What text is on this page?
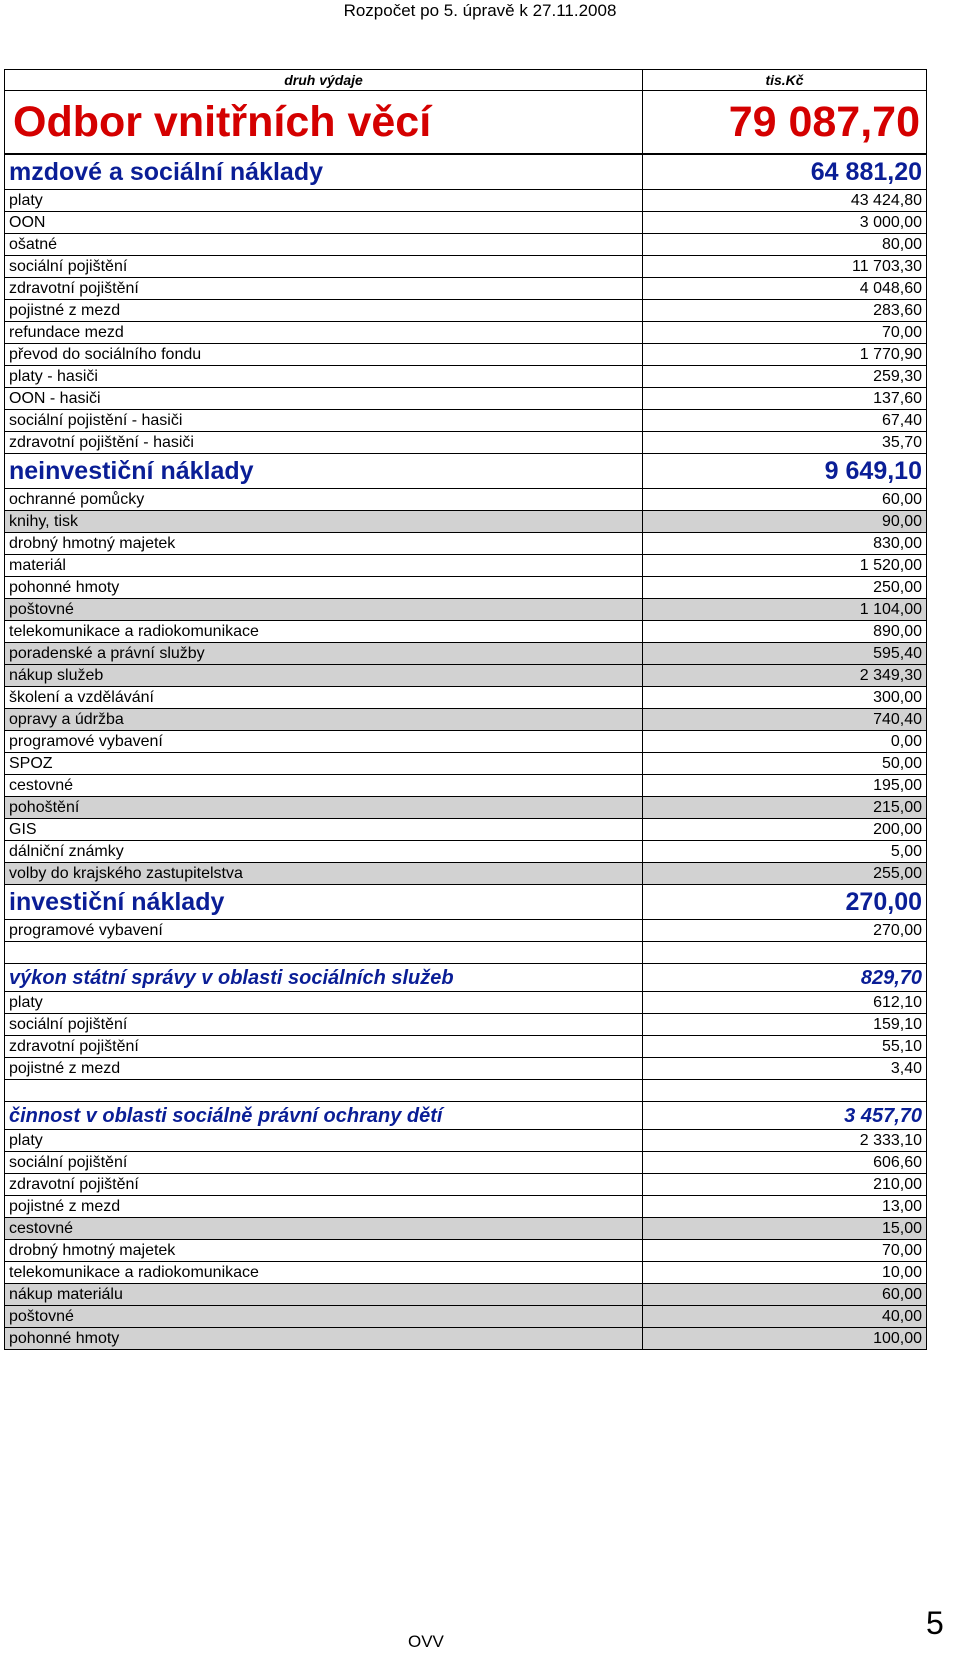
Rozpočet po 5. úpravě k 27.11.2008
druh výdaje	tis.Kč
Odbor vnitřních věcí	79 087,70
mzdové a sociální náklady	64 881,20
platy	43 424,80
OON	3 000,00
ošatné	80,00
sociální pojištění	11 703,30
zdravotní pojištění	4 048,60
pojistné z mezd	283,60
refundace mezd	70,00
převod do sociálního fondu	1 770,90
platy - hasiči	259,30
OON - hasiči	137,60
sociální pojistění - hasiči	67,40
zdravotní pojištění - hasiči	35,70
neinvestiční náklady	9 649,10
ochranné pomůcky	60,00
knihy, tisk	90,00
drobný hmotný majetek	830,00
materiál	1 520,00
pohonné hmoty	250,00
poštovné	1 104,00
telekomunikace a radiokomunikace	890,00
poradenské a právní služby	595,40
nákup služeb	2 349,30
školení a vzdělávání	300,00
opravy a údržba	740,40
programové vybavení	0,00
SPOZ	50,00
cestovné	195,00
pohoštění	215,00
GIS	200,00
dálniční známky	5,00
volby do krajského zastupitelstva	255,00
investiční náklady	270,00
programové vybavení	270,00

výkon státní správy v oblasti sociálních služeb	829,70
platy	612,10
sociální pojištění	159,10
zdravotní pojištění	55,10
pojistné z mezd	3,40

činnost v oblasti sociálně právní ochrany dětí	3 457,70
platy	2 333,10
sociální pojištění	606,60
zdravotní pojištění	210,00
pojistné z mezd	13,00
cestovné	15,00
drobný hmotný majetek	70,00
telekomunikace a radiokomunikace	10,00
nákup materiálu	60,00
poštovné	40,00
pohonné hmoty	100,00
OVV
5
